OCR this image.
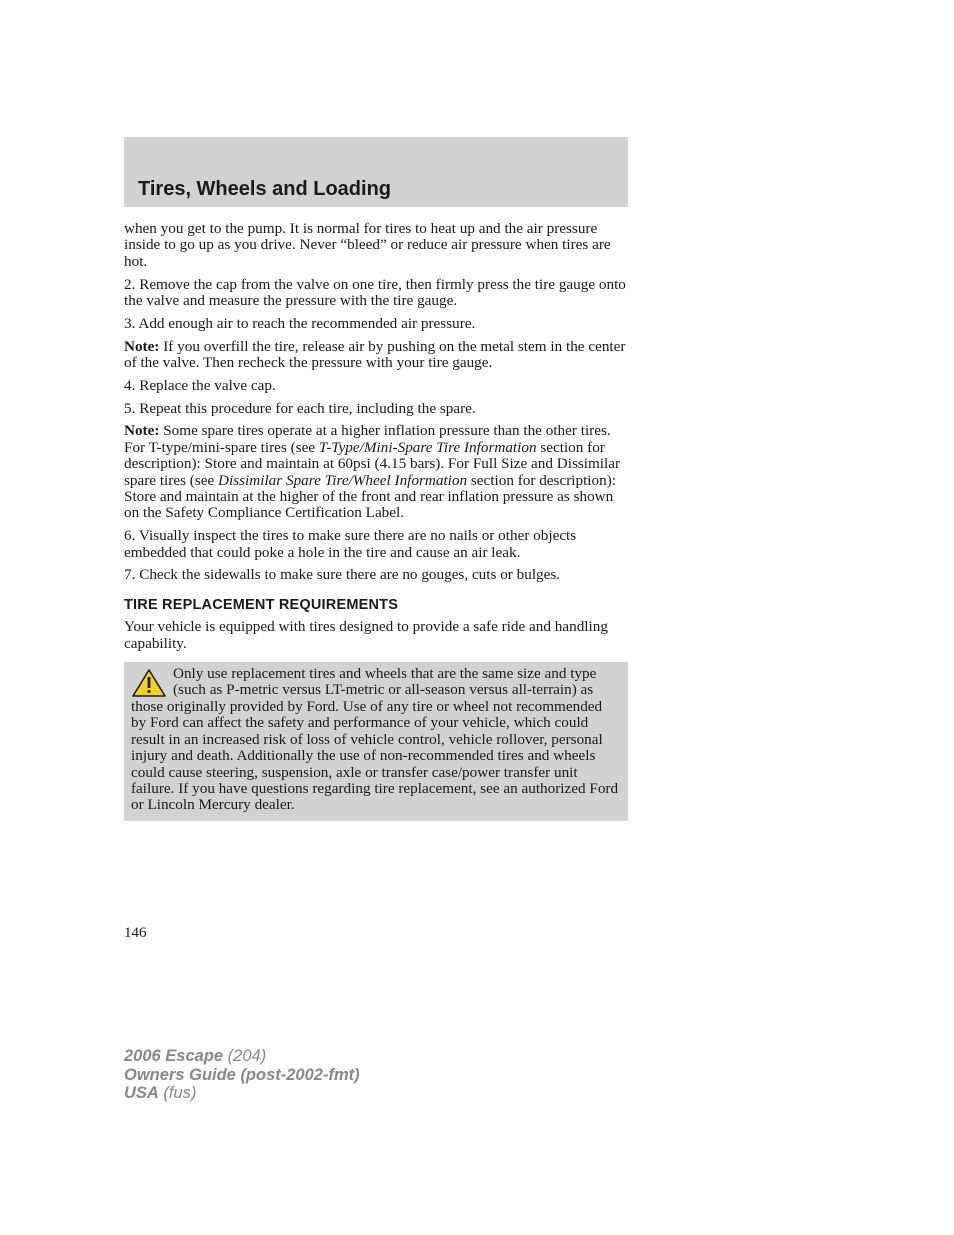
Tires, Wheels and Loading

when you get to the pump. It is normal for tires to heat up and the air pressure inside to go up as you drive. Never “bleed” or reduce air pressure when tires are hot.

2. Remove the cap from the valve on one tire, then firmly press the tire gauge onto the valve and measure the pressure with the tire gauge.

3. Add enough air to reach the recommended air pressure.

Note: If you overfill the tire, release air by pushing on the metal stem in the center of the valve. Then recheck the pressure with your tire gauge.

4. Replace the valve cap.

5. Repeat this procedure for each tire, including the spare.

Note: Some spare tires operate at a higher inflation pressure than the other tires. For T-type/mini-spare tires (see T-Type/Mini-Spare Tire Information section for description): Store and maintain at 60psi (4.15 bars). For Full Size and Dissimilar spare tires (see Dissimilar Spare Tire/Wheel Information section for description): Store and maintain at the higher of the front and rear inflation pressure as shown on the Safety Compliance Certification Label.

6. Visually inspect the tires to make sure there are no nails or other objects embedded that could poke a hole in the tire and cause an air leak.

7. Check the sidewalls to make sure there are no gouges, cuts or bulges.

TIRE REPLACEMENT REQUIREMENTS

Your vehicle is equipped with tires designed to provide a safe ride and handling capability.

Only use replacement tires and wheels that are the same size and type (such as P-metric versus LT-metric or all-season versus all-terrain) as those originally provided by Ford. Use of any tire or wheel not recommended by Ford can affect the safety and performance of your vehicle, which could result in an increased risk of loss of vehicle control, vehicle rollover, personal injury and death. Additionally the use of non-recommended tires and wheels could cause steering, suspension, axle or transfer case/power transfer unit failure. If you have questions regarding tire replacement, see an authorized Ford or Lincoln Mercury dealer.

146
2006 Escape (204)
Owners Guide (post-2002-fmt)
USA (fus)
